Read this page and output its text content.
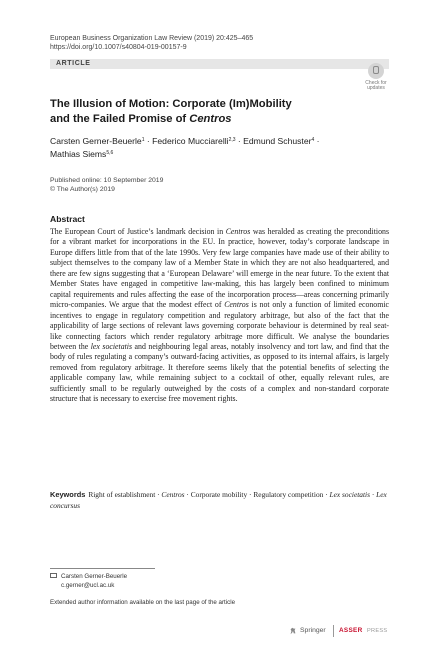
European Business Organization Law Review (2019) 20:425–465
https://doi.org/10.1007/s40804-019-00157-9
ARTICLE
Check for
updates
The Illusion of Motion: Corporate (Im)Mobility
and the Failed Promise of Centros
Carsten Gerner-Beuerle$^1$ · Federico Mucciarelli$^{2,3}$ · Edmund Schuster$^4$ ·
Mathias Siems$^{5,6}$
Published online: 10 September 2019
© The Author(s) 2019
Abstract

The European Court of Justice’s landmark decision in Centros was heralded as creating the preconditions for a vibrant market for incorporations in the EU. In practice, however, today’s corporate landscape in Europe differs little from that of the late 1990s. Very few large companies have made use of their ability to subject themselves to the company law of a Member State in which they are not also headquartered, and there are few signs suggesting that a ‘European Delaware’ will emerge in the near future. To the extent that Member States have engaged in competitive law-making, this has largely been confined to minimum capital requirements and rules affecting the ease of the incorporation process—areas concerning primarily micro-companies. We argue that the modest effect of Centros is not only a function of limited economic incentives to engage in regulatory competition and regulatory arbitrage, but also of the fact that the applicability of large sections of relevant laws governing corporate behaviour is determined by real seat-like connecting factors which render regulatory arbitrage more difficult. We analyse the boundaries between the lex societatis and neighbouring legal areas, notably insolvency and tort law, and find that the body of rules regulating a company’s outward-facing activities, as opposed to its internal affairs, is largely removed from regulatory arbitrage. It therefore seems likely that the potential benefits of selecting the applicable company law, while remaining subject to a cocktail of other, equally relevant rules, are sufficiently small to be regularly outweighed by the costs of a complex and non-standard corporate structure that is necessary to exercise free movement rights.

Keywords Right of establishment · Centros · Corporate mobility · Regulatory competition · Lex societatis · Lex concursus
Carsten Gerner-Beuerle
c.gerner@ucl.ac.uk
Extended author information available on the last page of the article
Springer ASSER PRESS
